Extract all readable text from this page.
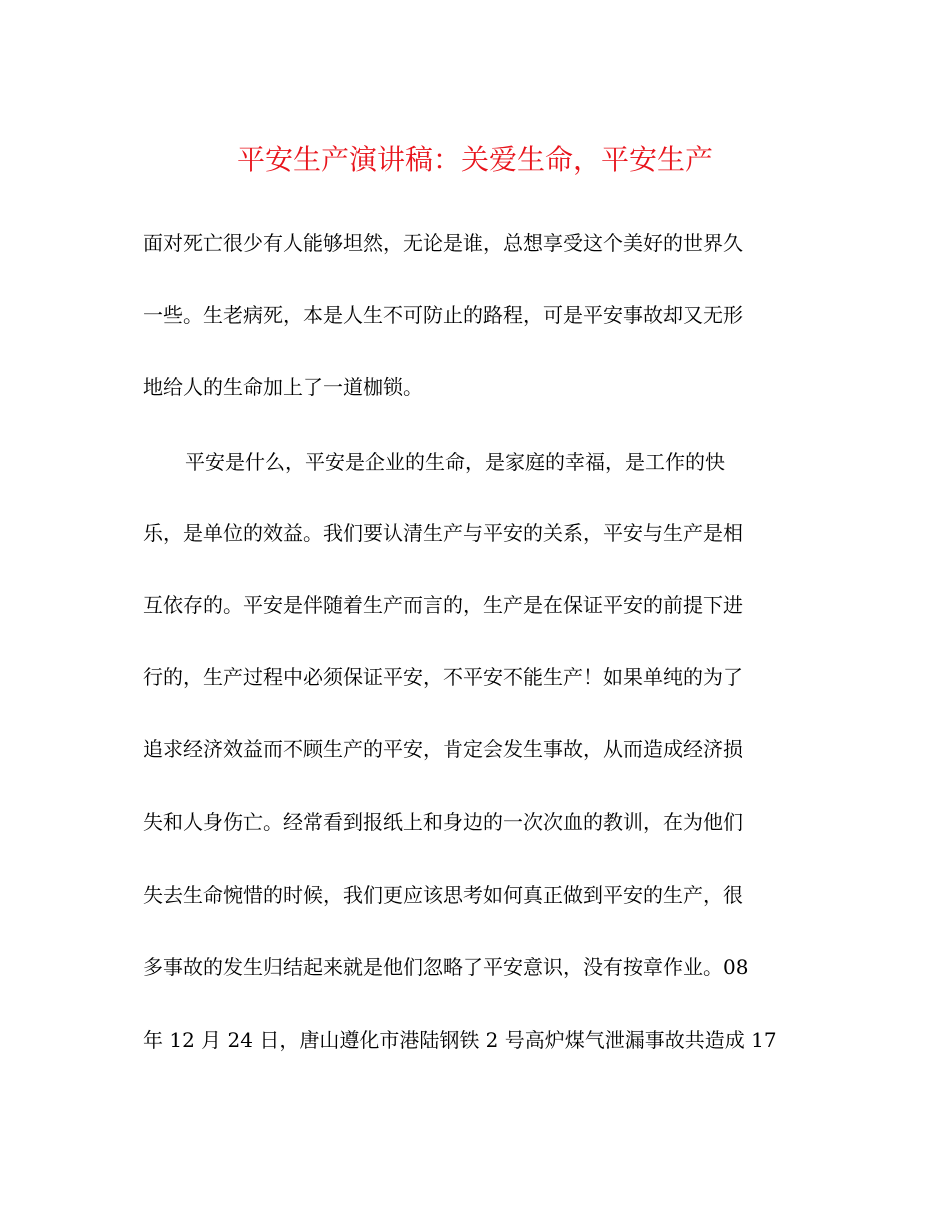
平安生产演讲稿：关爱生命，平安生产
面对死亡很少有人能够坦然，无论是谁，总想享受这个美好的世界久
一些。生老病死，本是人生不可防止的路程，可是平安事故却又无形
地给人的生命加上了一道枷锁。
平安是什么，平安是企业的生命，是家庭的幸福，是工作的快
乐，是单位的效益。我们要认清生产与平安的关系，平安与生产是相
互依存的。平安是伴随着生产而言的，生产是在保证平安的前提下进
行的，生产过程中必须保证平安，不平安不能生产！如果单纯的为了
追求经济效益而不顾生产的平安，肯定会发生事故，从而造成经济损
失和人身伤亡。经常看到报纸上和身边的一次次血的教训，在为他们
失去生命惋惜的时候，我们更应该思考如何真正做到平安的生产，很
多事故的发生归结起来就是他们忽略了平安意识，没有按章作业。08
年 12 月 24 日，唐山遵化市港陆钢铁 2 号高炉煤气泄漏事故共造成 17
